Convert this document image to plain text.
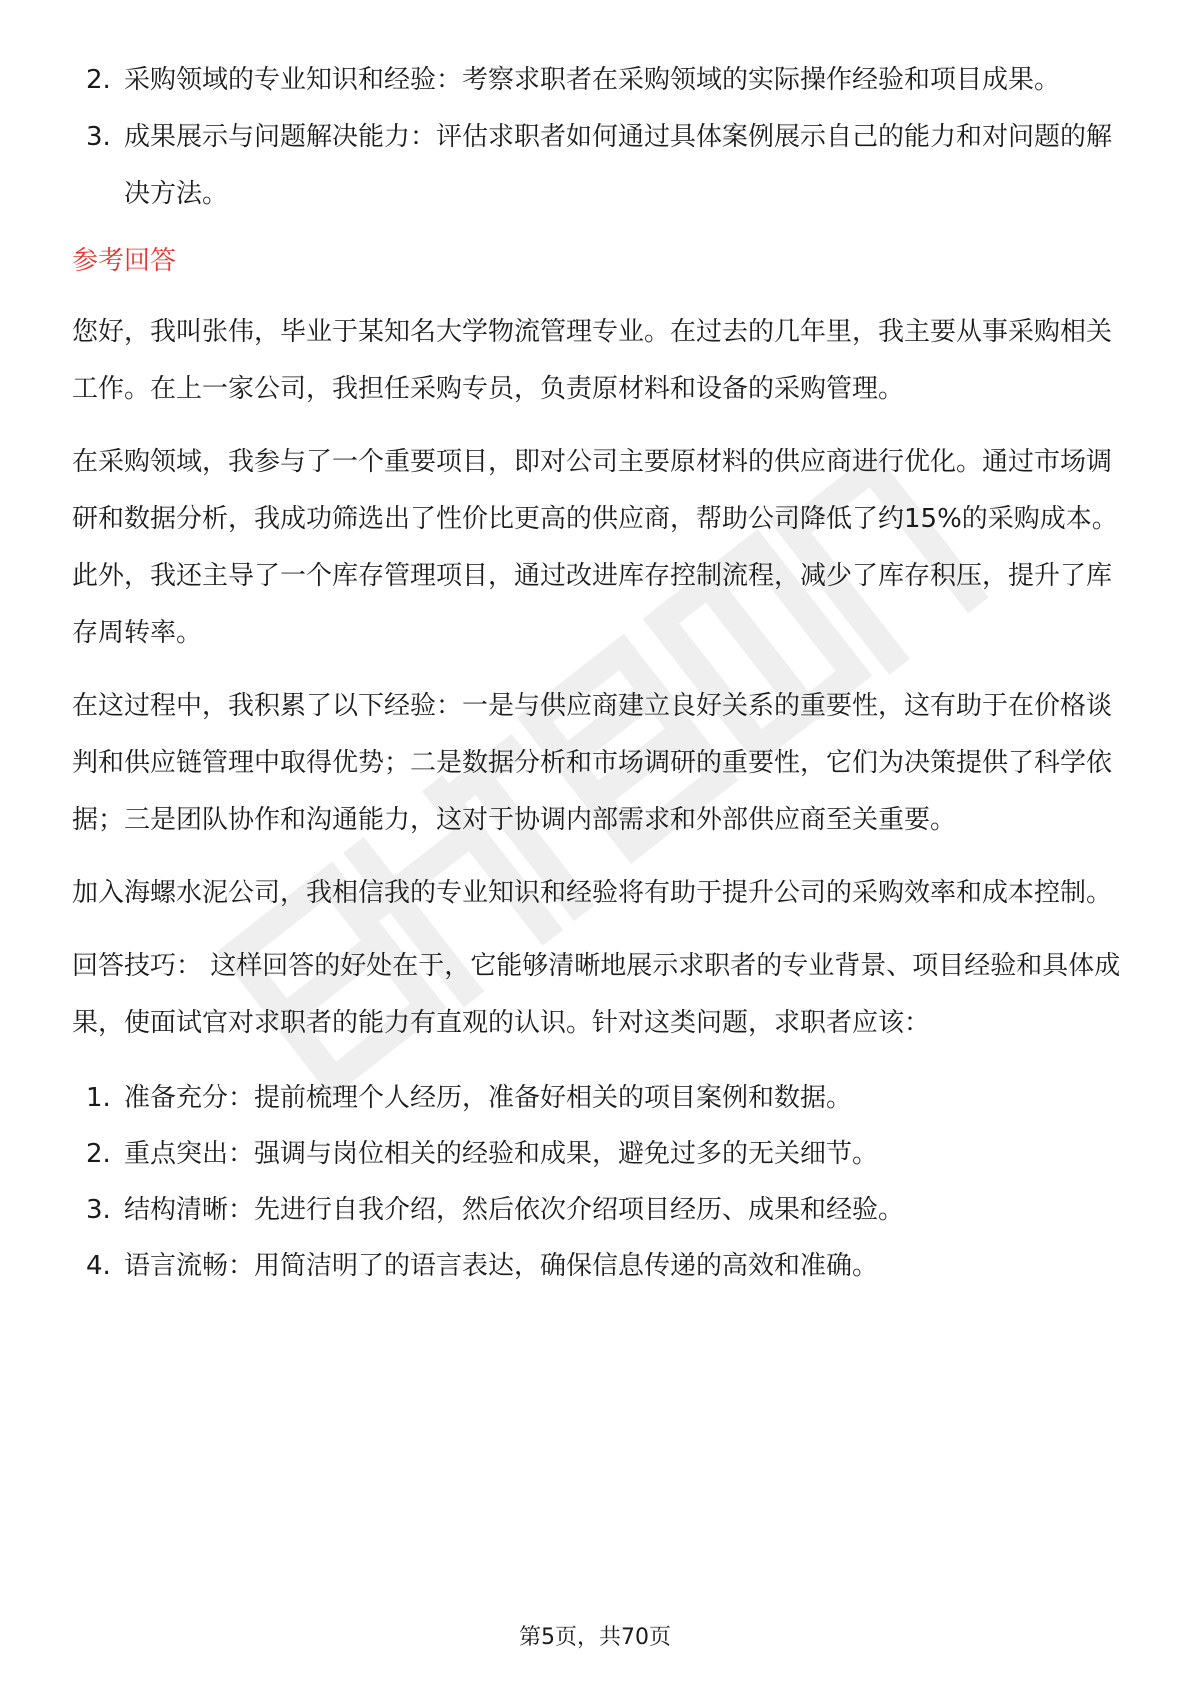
2. 采购领域的专业知识和经验：考察求职者在采购领域的实际操作经验和项目成果。
3. 成果展示与问题解决能力：评估求职者如何通过具体案例展示自己的能力和对问题的解决方法。
参考回答

您好，我叫张伟，毕业于某知名大学物流管理专业。在过去的几年里，我主要从事采购相关工作。在上一家公司，我担任采购专员，负责原材料和设备的采购管理。

在采购领域，我参与了一个重要项目，即对公司主要原材料的供应商进行优化。通过市场调研和数据分析，我成功筛选出了性价比更高的供应商，帮助公司降低了约15%的采购成本。此外，我还主导了一个库存管理项目，通过改进库存控制流程，减少了库存积压，提升了库存周转率。

在这过程中，我积累了以下经验：一是与供应商建立良好关系的重要性，这有助于在价格谈判和供应链管理中取得优势；二是数据分析和市场调研的重要性，它们为决策提供了科学依据；三是团队协作和沟通能力，这对于协调内部需求和外部供应商至关重要。

加入海螺水泥公司，我相信我的专业知识和经验将有助于提升公司的采购效率和成本控制。

回答技巧： 这样回答的好处在于，它能够清晰地展示求职者的专业背景、项目经验和具体成果，使面试官对求职者的能力有直观的认识。针对这类问题，求职者应该：

1. 准备充分：提前梳理个人经历，准备好相关的项目案例和数据。
2. 重点突出：强调与岗位相关的经验和成果，避免过多的无关细节。
3. 结构清晰：先进行自我介绍，然后依次介绍项目经历、成果和经验。
4. 语言流畅：用简洁明了的语言表达，确保信息传递的高效和准确。
第5页，共70页
